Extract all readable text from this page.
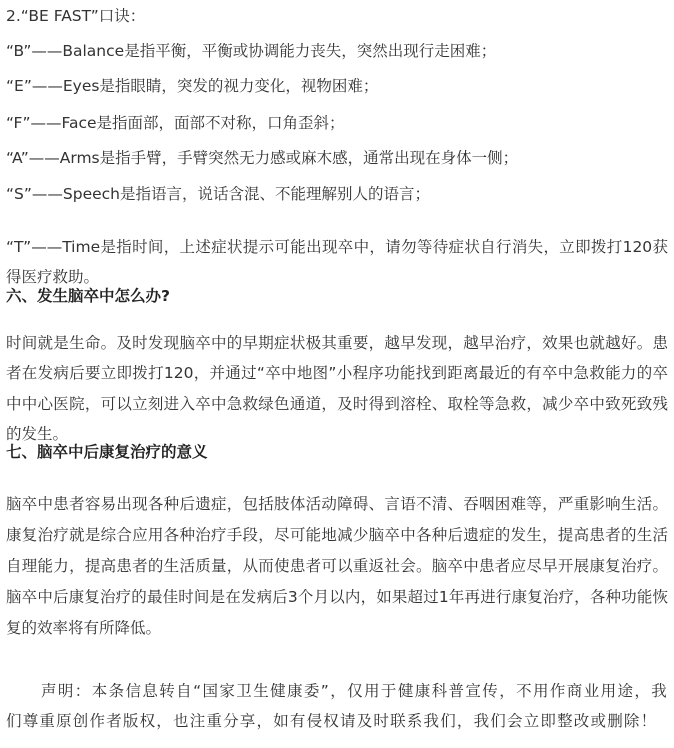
2.“BE FAST”口诀：

“B”——Balance是指平衡，平衡或协调能力丧失，突然出现行走困难；

“E”——Eyes是指眼睛，突发的视力变化，视物困难；

“F”——Face是指面部，面部不对称，口角歪斜；

“A”——Arms是指手臂，手臂突然无力感或麻木感，通常出现在身体一侧；

“S”——Speech是指语言，说话含混、不能理解别人的语言；

“T”——Time是指时间，上述症状提示可能出现卒中，请勿等待症状自行消失，立即拨打120获得医疗救助。

六、发生脑卒中怎么办?

时间就是生命。及时发现脑卒中的早期症状极其重要，越早发现，越早治疗，效果也就越好。患者在发病后要立即拨打120，并通过“卒中地图”小程序功能找到距离最近的有卒中急救能力的卒中中心医院，可以立刻进入卒中急救绿色通道，及时得到溶栓、取栓等急救，减少卒中致死致残的发生。

七、脑卒中后康复治疗的意义

脑卒中患者容易出现各种后遗症，包括肢体活动障碍、言语不清、吞咽困难等，严重影响生活。康复治疗就是综合应用各种治疗手段，尽可能地减少脑卒中各种后遗症的发生，提高患者的生活自理能力，提高患者的生活质量，从而使患者可以重返社会。脑卒中患者应尽早开展康复治疗。脑卒中后康复治疗的最佳时间是在发病后3个月以内，如果超过1年再进行康复治疗，各种功能恢复的效率将有所降低。

声明：本条信息转自“国家卫生健康委”，仅用于健康科普宣传，不用作商业用途，我们尊重原创作者版权，也注重分享，如有侵权请及时联系我们，我们会立即整改或删除！
